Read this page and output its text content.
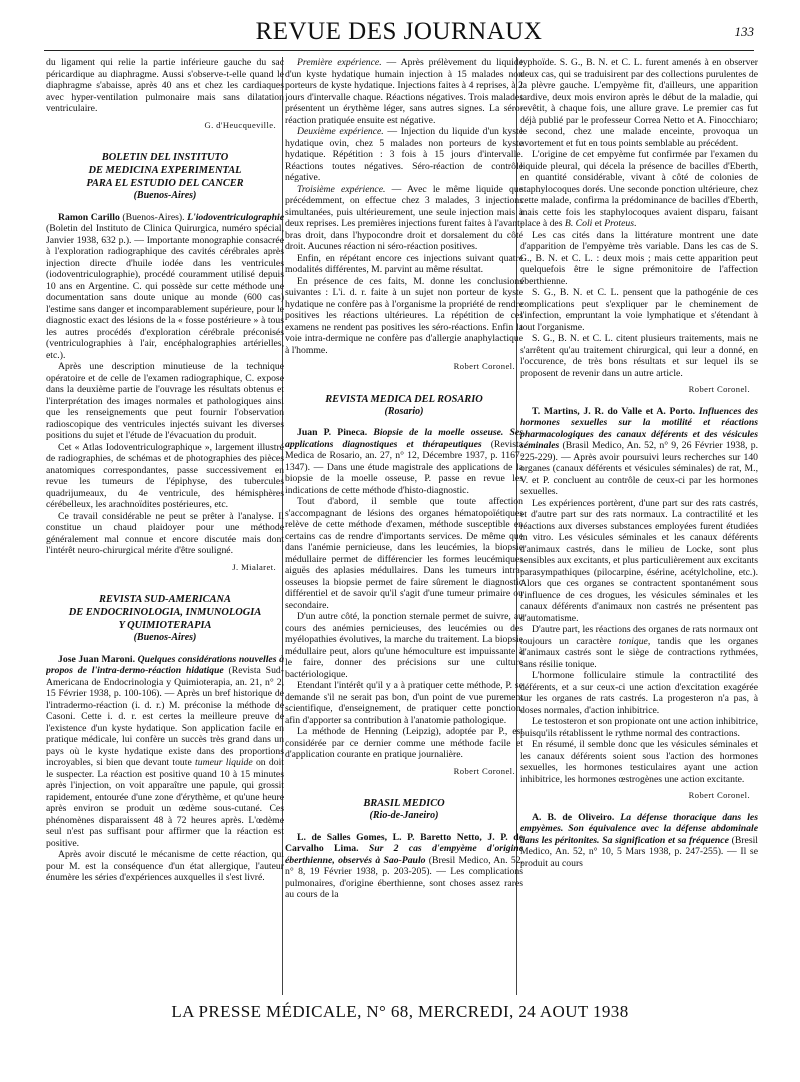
REVUE DES JOURNAUX	133

du ligament qui relie la partie inférieure gauche du sac péricardique au diaphragme. Aussi s'observe-t-elle quand le diaphragme s'abaisse, après 40 ans et chez les cardiaques avec hyper-ventilation pulmonaire mais sans dilatation ventriculaire.

G. d'Heucqueville.
BOLETIN DEL INSTITUTO
DE MEDICINA EXPERIMENTAL
PARA EL ESTUDIO DEL CANCER
(Buenos-Aires)

Ramon Carillo (Buenos-Aires). L'iodoventriculographie (Boletin del Instituto de Clinica Quirurgica, numéro spécial, Janvier 1938, 632 p.). — Importante monographie consacrée à l'exploration radiographique des cavités cérébrales après injection directe d'huile iodée dans les ventricules (iodoventriculographie), procédé couramment utilisé depuis 10 ans en Argentine. C. qui possède sur cette méthode une documentation sans doute unique au monde (600 cas) l'estime sans danger et incomparablement supérieure, pour le diagnostic exact des lésions de la « fosse postérieure » à tous les autres procédés d'exploration cérébrale préconisés (ventriculographies à l'air, encéphalographies artérielles, etc.).

Après une description minutieuse de la technique opératoire et de celle de l'examen radiographique, C. expose dans la deuxième partie de l'ouvrage les résultats obtenus et l'interprétation des images normales et pathologiques ainsi que les renseignements que peut fournir l'observation radioscopique des ventricules injectés suivant les diverses positions du sujet et l'étude de l'évacuation du produit.

Cet « Atlas Iodoventriculographique », largement illustré de radiographies, de schémas et de photographies des pièces anatomiques correspondantes, passe successivement en revue les tumeurs de l'épiphyse, des tubercules quadrijumeaux, du 4e ventricule, des hémisphères cérébelleux, les arachnoïdites postérieures, etc.

Ce travail considérable ne peut se prêter à l'analyse. Il constitue un chaud plaidoyer pour une méthode généralement mal connue et encore discutée mais dont l'intérêt neuro-chirurgical mérite d'être souligné.

J. Mialaret.
REVISTA SUD-AMERICANA
DE ENDOCRINOLOGIA, INMUNOLOGIA
Y QUIMIOTERAPIA
(Buenos-Aires)

Jose Juan Maroni. Quelques considérations nouvelles à propos de l'intra-dermo-réaction hidatique (Revista Sud-Americana de Endocrinologia y Quimioterapia, an. 21, n° 2, 15 Février 1938, p. 100-106). — Après un bref historique de l'intradermo-réaction (i. d. r.) M. préconise la méthode de Casoni. Cette i. d. r. est certes la meilleure preuve de l'existence d'un kyste hydatique. Son application facile en pratique médicale, lui confère un succès très grand dans un pays où le kyste hydatique existe dans des proportions incroyables, si bien que devant toute tumeur liquide on doit le suspecter. La réaction est positive quand 10 à 15 minutes après l'injection, on voit apparaître une papule, qui grossit rapidement, entourée d'une zone d'érythème, et qu'une heure après environ se produit un œdème sous-cutané. Ces phénomènes disparaissent 48 à 72 heures après. L'œdème seul n'est pas suffisant pour affirmer que la réaction est positive.

Après avoir discuté le mécanisme de cette réaction, qui pour M. est la conséquence d'un état allergique, l'auteur énumère les séries d'expériences auxquelles il s'est livré.

Première expérience. — Après prélèvement du liquide d'un kyste hydatique humain injection à 15 malades non porteurs de kyste hydatique. Injections faites à 4 reprises, à 2 jours d'intervalle chaque. Réactions négatives. Trois malades présentent un érythème léger, sans autres signes. La séro-réaction pratiquée ensuite est négative.

Deuxième expérience. — Injection du liquide d'un kyste hydatique ovin, chez 5 malades non porteurs de kyste hydatique. Répétition : 3 fois à 15 jours d'intervalle. Réactions toutes négatives. Séro-réaction de contrôle négative.

Troisième expérience. — Avec le même liquide que précédemment, on effectue chez 3 malades, 3 injections simultanées, puis ultérieurement, une seule injection mais à deux reprises. Les premières injections furent faites à l'avant-bras droit, dans l'hypocondre droit et dorsalement du côté droit. Aucunes réaction ni séro-réaction positives.

Enfin, en répétant encore ces injections suivant quatre modalités différentes, M. parvint au même résultat.

En présence de ces faits, M. donne les conclusions suivantes : L'i. d. r. faite à un sujet non porteur de kyste hydatique ne confère pas à l'organisme la propriété de rendre positives les réactions ultérieures. La répétition de ces examens ne rendent pas positives les séro-réactions. Enfin la voie intra-dermique ne confère pas d'allergie anaphylactique à l'homme.

Robert Coronel.
REVISTA MEDICA DEL ROSARIO
(Rosario)

Juan P. Pineca. Biopsie de la moelle osseuse. Ses applications diagnostiques et thérapeutiques (Revista Medica de Rosario, an. 27, n° 12, Décembre 1937, p. 1167-1347). — Dans une étude magistrale des applications de la biopsie de la moelle osseuse, P. passe en revue les indications de cette méthode d'histo-diagnostic.

Tout d'abord, il semble que toute affection s'accompagnant de lésions des organes hématopoïétiques relève de cette méthode d'examen, méthode susceptible en certains cas de rendre d'importants services. De même que dans l'anémie pernicieuse, dans les leucémies, la biopsie médullaire permet de différencier les formes leucémiques aiguës des aplasies médullaires. Dans les tumeurs intra-osseuses la biopsie permet de faire sûrement le diagnostic différentiel et de savoir qu'il s'agit d'une tumeur primaire ou secondaire.

D'un autre côté, la ponction sternale permet de suivre, au cours des anémies pernicieuses, des leucémies ou des myélopathies évolutives, la marche du traitement. La biopsie médullaire peut, alors qu'une hémoculture est impuissante à le faire, donner des précisions sur une culture bactériologique.

Etendant l'intérêt qu'il y a à pratiquer cette méthode, P. se demande s'il ne serait pas bon, d'un point de vue purement scientifique, d'enseignement, de pratiquer cette ponction, afin d'apporter sa contribution à l'anatomie pathologique.

La méthode de Henning (Leipzig), adoptée par P., est considérée par ce dernier comme une méthode facile et d'application courante en pratique journalière.

Robert Coronel.
BRASIL MEDICO
(Rio-de-Janeiro)

L. de Salles Gomes, L. P. Baretto Netto, J. P. de Carvalho Lima. Sur 2 cas d'empyème d'origine éberthienne, observés à Sao-Paulo (Bresil Medico, An. 52, n° 8, 19 Février 1938, p. 203-205). — Les complications pulmonaires, d'origine éberthienne, sont choses assez rares au cours de la

typhoïde. S. G., B. N. et C. L. furent amenés à en observer deux cas, qui se traduisirent par des collections purulentes de la plèvre gauche. L'empyème fit, d'ailleurs, une apparition tardive, deux mois environ après le début de la maladie, qui revêtit, à chaque fois, une allure grave. Le premier cas fut déjà publié par le professeur Correa Netto et A. Finocchiaro; le second, chez une malade enceinte, provoqua un avortement et fut en tous points semblable au précédent.

L'origine de cet empyème fut confirmée par l'examen du liquide pleural, qui décela la présence de bacilles d'Eberth, en quantité considérable, vivant à côté de colonies de staphylocoques dorés. Une seconde ponction ultérieure, chez cette malade, confirma la prédominance de bacilles d'Eberth, mais cette fois les staphylocoques avaient disparu, faisant place à des B. Coli et Proteus.

Les cas cités dans la littérature montrent une date d'apparition de l'empyème très variable. Dans les cas de S. G., B. N. et C. L. : deux mois ; mais cette apparition peut quelquefois être le signe prémonitoire de l'affection éberthienne.

S. G., B. N. et C. L. pensent que la pathogénie de ces complications peut s'expliquer par le cheminement de l'infection, empruntant la voie lymphatique et s'étendant à tout l'organisme.

S. G., B. N. et C. L. citent plusieurs traitements, mais ne s'arrêtent qu'au traitement chirurgical, qui leur a donné, en l'occurence, de très bons résultats et sur lequel ils se proposent de revenir dans un autre article.

Robert Coronel.

T. Martins, J. R. do Valle et A. Porto. Influences des hormones sexuelles sur la motilité et réactions pharmacologiques des canaux déférents et des vésicules séminales (Brasil Medico, An. 52, n° 9, 26 Février 1938, p. 225-229). — Après avoir poursuivi leurs recherches sur 140 organes (canaux déférents et vésicules séminales) de rat, M., V. et P. concluent au contrôle de ceux-ci par les hormones sexuelles.

Les expériences portèrent, d'une part sur des rats castrés, et d'autre part sur des rats normaux. La contractilité et les réactions aux diverses substances employées furent étudiées in vitro. Les vésicules séminales et les canaux déférents d'animaux castrés, dans le milieu de Locke, sont plus sensibles aux excitants, et plus particulièrement aux excitants parasympathiques (pilocarpine, ésérine, acétylcholine, etc.). Alors que ces organes se contractent spontanément sous l'influence de ces drogues, les vésicules séminales et les canaux déférents d'animaux non castrés ne présentent pas d'automatisme.

D'autre part, les réactions des organes de rats normaux ont toujours un caractère tonique, tandis que les organes d'animaux castrés sont le siège de contractions rythmées, sans résilie tonique.

L'hormone folliculaire stimule la contractilité des déférents, et a sur ceux-ci une action d'excitation exagérée sur les organes de rats castrés. La progesteron n'a pas, à doses normales, d'action inhibitrice.

Le testosteron et son propionate ont une action inhibitrice, puisqu'ils rétablissent le rythme normal des contractions.

En résumé, il semble donc que les vésicules séminales et les canaux déférents soient sous l'action des hormones sexuelles, les hormones testiculaires ayant une action inhibitrice, les hormones œstrogènes une action excitante.

Robert Coronel.

A. B. de Oliveiro. La défense thoracique dans les empyèmes. Son équivalence avec la défense abdominale dans les péritonites. Sa signification et sa fréquence (Bresil Medico, An. 52, n° 10, 5 Mars 1938, p. 247-255). — Il se produit au cours

LA PRESSE MÉDICALE, N° 68, MERCREDI, 24 AOUT 1938
